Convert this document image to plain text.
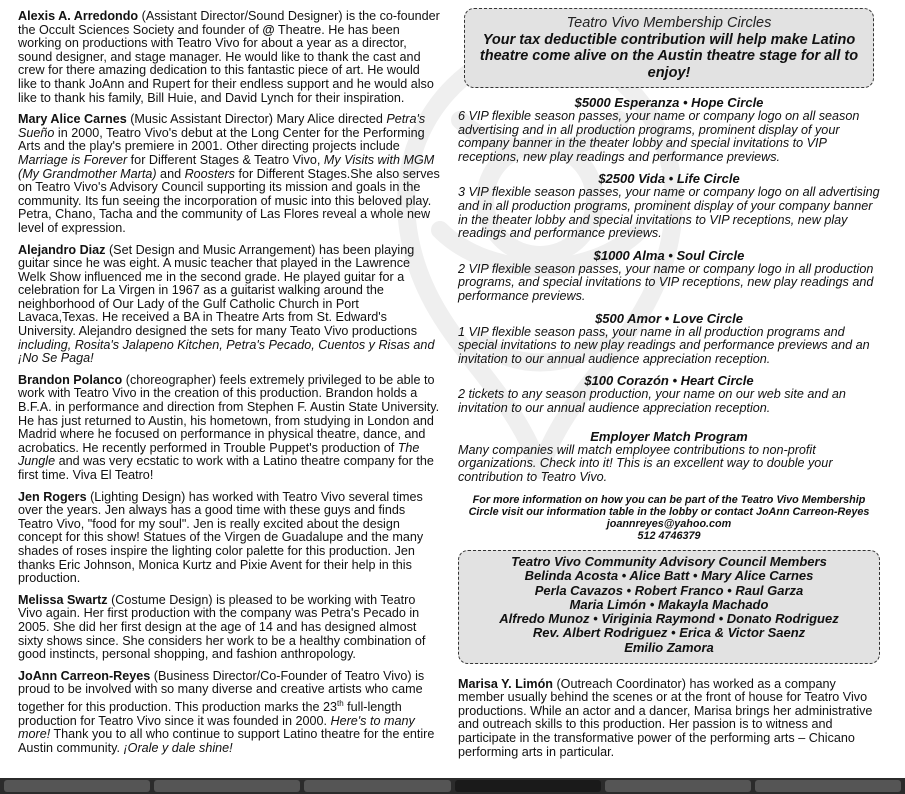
Alexis A. Arredondo (Assistant Director/Sound Designer) is the co-founder the Occult Sciences Society and founder of @ Theatre. He has been working on productions with Teatro Vivo for about a year as a director, sound designer, and stage manager. He would like to thank the cast and crew for there amazing dedication to this fantastic piece of art. He would like to thank JoAnn and Rupert for their endless support and he would also like to thank his family, Bill Huie, and David Lynch for their inspiration.

Mary Alice Carnes (Music Assistant Director) Mary Alice directed Petra's Sueño in 2000, Teatro Vivo's debut at the Long Center for the Performing Arts and the play's premiere in 2001. Other directing projects include Marriage is Forever for Different Stages & Teatro Vivo, My Visits with MGM (My Grandmother Marta) and Roosters for Different Stages.She also serves on Teatro Vivo's Advisory Council supporting its mission and goals in the community. Its fun seeing the incorporation of music into this beloved play. Petra, Chano, Tacha and the community of Las Flores reveal a whole new level of expression.

Alejandro Diaz (Set Design and Music Arrangement) has been playing guitar since he was eight. A music teacher that played in the Lawrence Welk Show influenced me in the second grade. He played guitar for a celebration for La Virgen in 1967 as a guitarist walking around the neighborhood of Our Lady of the Gulf Catholic Church in Port Lavaca,Texas. He received a BA in Theatre Arts from St. Edward's University. Alejandro designed the sets for many Teato Vivo productions including, Rosita's Jalapeno Kitchen, Petra's Pecado, Cuentos y Risas and ¡No Se Paga!

Brandon Polanco (choreographer) feels extremely privileged to be able to work with Teatro Vivo in the creation of this production. Brandon holds a B.F.A. in performance and direction from Stephen F. Austin State University. He has just returned to Austin, his hometown, from studying in London and Madrid where he focused on performance in physical theatre, dance, and acrobatics. He recently performed in Trouble Puppet's production of The Jungle and was very ecstatic to work with a Latino theatre company for the first time. Viva El Teatro!

Jen Rogers (Lighting Design) has worked with Teatro Vivo several times over the years. Jen always has a good time with these guys and finds Teatro Vivo, "food for my soul". Jen is really excited about the design concept for this show! Statues of the Virgen de Guadalupe and the many shades of roses inspire the lighting color palette for this production. Jen thanks Eric Johnson, Monica Kurtz and Pixie Avent for their help in this production.

Melissa Swartz (Costume Design) is pleased to be working with Teatro Vivo again. Her first production with the company was Petra's Pecado in 2005. She did her first design at the age of 14 and has designed almost sixty shows since. She considers her work to be a healthy combination of good instincts, personal shopping, and fashion anthropology.

JoAnn Carreon-Reyes (Business Director/Co-Founder of Teatro Vivo) is proud to be involved with so many diverse and creative artists who came together for this production. This production marks the 23th full-length production for Teatro Vivo since it was founded in 2000. Here's to many more! Thank you to all who continue to support Latino theatre for the entire Austin community. ¡Orale y dale shine!

Teatro Vivo Membership Circles
Your tax deductible contribution will help make Latino theatre come alive on the Austin theatre stage for all to enjoy!
$5000 Esperanza • Hope Circle
6 VIP flexible season passes, your name or company logo on all season advertising and in all production programs, prominent display of your company banner in the theater lobby and special invitations to VIP receptions, new play readings and performance previews.
$2500 Vida • Life Circle
3 VIP flexible season passes, your name or company logo on all advertising and in all production programs, prominent display of your company banner in the theater lobby and special invitations to VIP receptions, new play readings and performance previews.
$1000 Alma • Soul Circle
2 VIP flexible season passes, your name or company logo in all production programs, and special invitations to VIP receptions, new play readings and performance previews.
$500 Amor • Love Circle
1 VIP flexible season pass, your name in all production programs and special invitations to new play readings and performance previews and an invitation to our annual audience appreciation reception.
$100 Corazón • Heart Circle
2 tickets to any season production, your name on our web site and an invitation to our annual audience appreciation reception.
Employer Match Program
Many companies will match employee contributions to non-profit organizations. Check into it! This is an excellent way to double your contribution to Teatro Vivo.
For more information on how you can be part of the Teatro Vivo Membership Circle visit our information table in the lobby or contact JoAnn Carreon-Reyes joannreyes@yahoo.com
512 4746379
Teatro Vivo Community Advisory Council Members
Belinda Acosta • Alice Batt • Mary Alice Carnes
Perla Cavazos • Robert Franco • Raul Garza
Maria Limón • Makayla Machado
Alfredo Munoz • Viriginia Raymond • Donato Rodriguez
Rev. Albert Rodriguez • Erica & Victor Saenz
Emilio Zamora
Marisa Y. Limón (Outreach Coordinator) has worked as a company member usually behind the scenes or at the front of house for Teatro Vivo productions. While an actor and a dancer, Marisa brings her administrative and outreach skills to this production. Her passion is to witness and participate in the transformative power of the performing arts – Chicano performing arts in particular.
